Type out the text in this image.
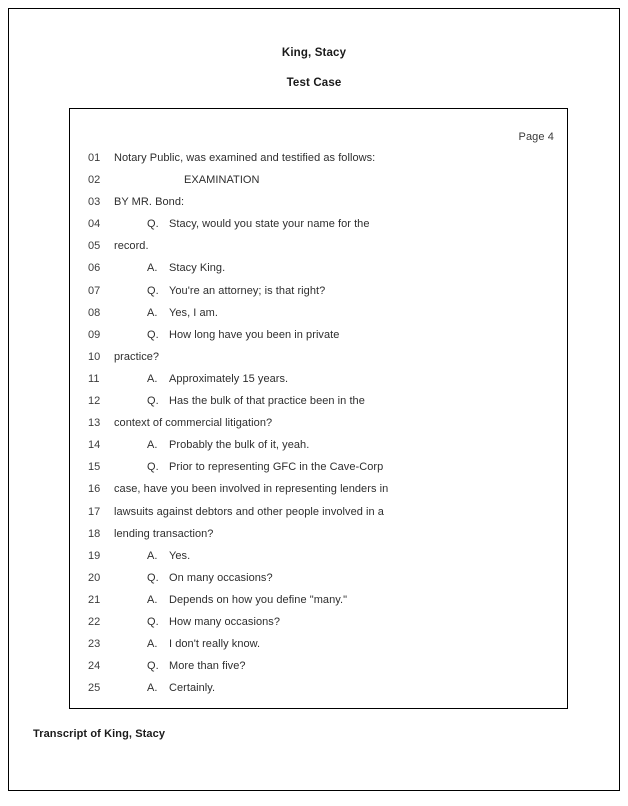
King, Stacy
Test Case
Page 4
01	Notary Public, was examined and testified as follows:
02	EXAMINATION
03	BY MR. Bond:
04	Q. Stacy, would you state your name for the
05	record.
06	A. Stacy King.
07	Q. You're an attorney; is that right?
08	A. Yes, I am.
09	Q. How long have you been in private
10	practice?
11	A. Approximately 15 years.
12	Q. Has the bulk of that practice been in the
13	context of commercial litigation?
14	A. Probably the bulk of it, yeah.
15	Q. Prior to representing GFC in the Cave-Corp
16	case, have you been involved in representing lenders in
17	lawsuits against debtors and other people involved in a
18	lending transaction?
19	A. Yes.
20	Q. On many occasions?
21	A. Depends on how you define "many."
22	Q. How many occasions?
23	A. I don't really know.
24	Q. More than five?
25	A. Certainly.
Transcript of King, Stacy
